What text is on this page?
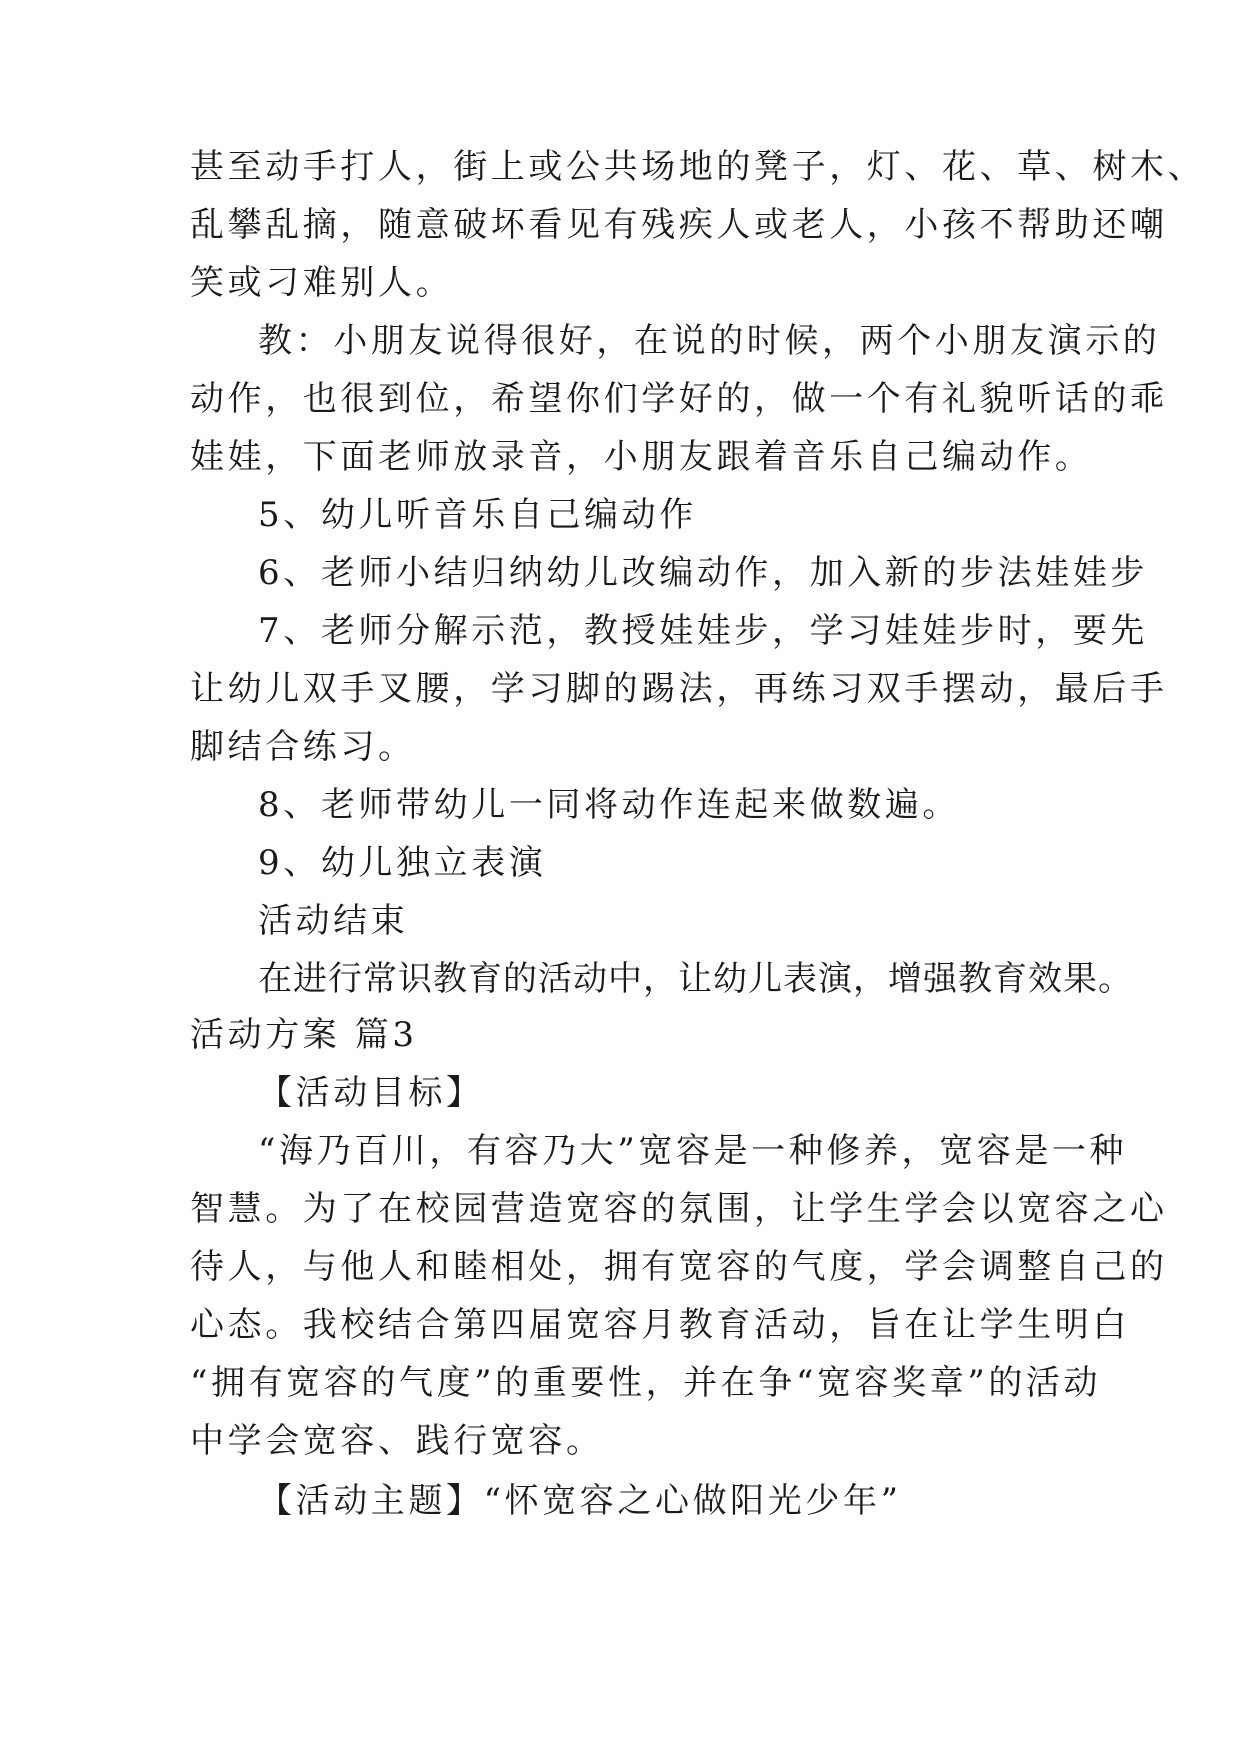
甚至动手打人，街上或公共场地的凳子，灯、花、草、树木、
乱攀乱摘，随意破坏看见有残疾人或老人，小孩不帮助还嘲
笑或刁难别人。
教：小朋友说得很好，在说的时候，两个小朋友演示的
动作，也很到位，希望你们学好的，做一个有礼貌听话的乖
娃娃，下面老师放录音，小朋友跟着音乐自己编动作。
5、幼儿听音乐自己编动作
6、老师小结归纳幼儿改编动作，加入新的步法娃娃步
7、老师分解示范，教授娃娃步，学习娃娃步时，要先
让幼儿双手叉腰，学习脚的踢法，再练习双手摆动，最后手
脚结合练习。
8、老师带幼儿一同将动作连起来做数遍。
9、幼儿独立表演
活动结束
在进行常识教育的活动中，让幼儿表演，增强教育效果。
活动方案 篇3
【活动目标】
“海乃百川，有容乃大”宽容是一种修养，宽容是一种
智慧。为了在校园营造宽容的氛围，让学生学会以宽容之心
待人，与他人和睦相处，拥有宽容的气度，学会调整自己的
心态。我校结合第四届宽容月教育活动，旨在让学生明白
“拥有宽容的气度”的重要性，并在争“宽容奖章”的活动
中学会宽容、践行宽容。
【活动主题】“怀宽容之心做阳光少年”
